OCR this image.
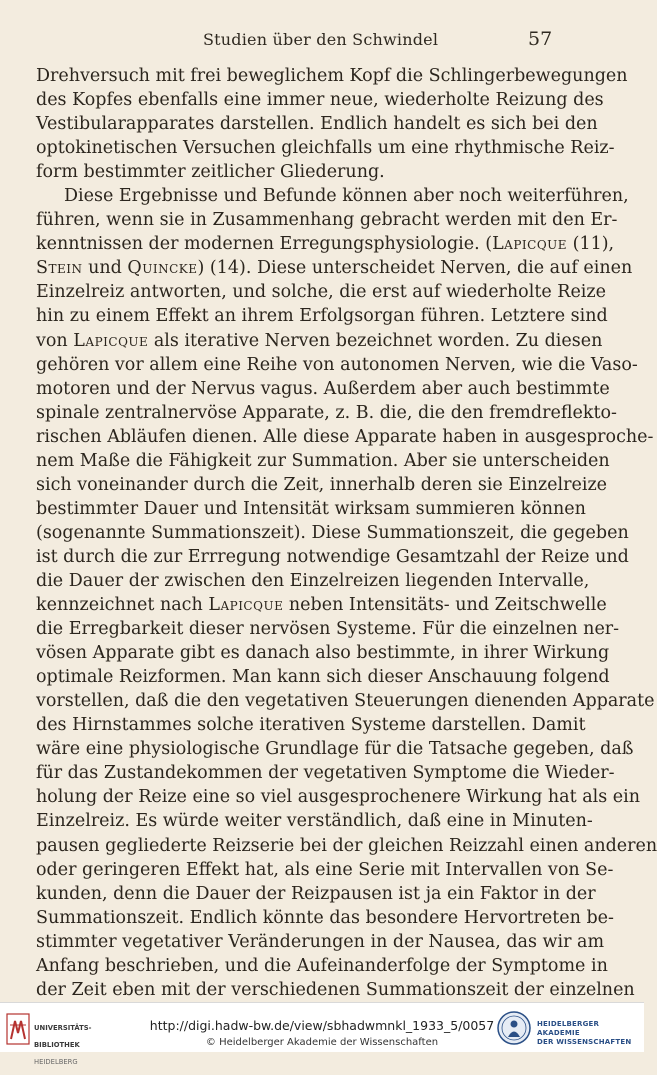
Studien über den Schwindel	57
Drehversuch mit frei beweglichem Kopf die Schlingerbewegungen
des Kopfes ebenfalls eine immer neue, wiederholte Reizung des
Vestibularapparates darstellen. Endlich handelt es sich bei den
optokinetischen Versuchen gleichfalls um eine rhythmische Reiz-
form bestimmter zeitlicher Gliederung.
Diese Ergebnisse und Befunde können aber noch weiterführen,
führen, wenn sie in Zusammenhang gebracht werden mit den Er-
kenntnissen der modernen Erregungsphysiologie. (Lapicque (11),
Stein und Quincke) (14). Diese unterscheidet Nerven, die auf einen
Einzelreiz antworten, und solche, die erst auf wiederholte Reize
hin zu einem Effekt an ihrem Erfolgsorgan führen. Letztere sind
von Lapicque als iterative Nerven bezeichnet worden. Zu diesen
gehören vor allem eine Reihe von autonomen Nerven, wie die Vaso-
motoren und der Nervus vagus. Außerdem aber auch bestimmte
spinale zentralnervöse Apparate, z. B. die, die den fremdreflekto-
rischen Abläufen dienen. Alle diese Apparate haben in ausgesproche-
nem Maße die Fähigkeit zur Summation. Aber sie unterscheiden
sich voneinander durch die Zeit, innerhalb deren sie Einzelreize
bestimmter Dauer und Intensität wirksam summieren können
(sogenannte Summationszeit). Diese Summationszeit, die gegeben
ist durch die zur Errregung notwendige Gesamtzahl der Reize und
die Dauer der zwischen den Einzelreizen liegenden Intervalle,
kennzeichnet nach Lapicque neben Intensitäts- und Zeitschwelle
die Erregbarkeit dieser nervösen Systeme. Für die einzelnen ner-
vösen Apparate gibt es danach also bestimmte, in ihrer Wirkung
optimale Reizformen. Man kann sich dieser Anschauung folgend
vorstellen, daß die den vegetativen Steuerungen dienenden Apparate
des Hirnstammes solche iterativen Systeme darstellen. Damit
wäre eine physiologische Grundlage für die Tatsache gegeben, daß
für das Zustandekommen der vegetativen Symptome die Wieder-
holung der Reize eine so viel ausgesprochenere Wirkung hat als ein
Einzelreiz. Es würde weiter verständlich, daß eine in Minuten-
pausen gegliederte Reizserie bei der gleichen Reizzahl einen anderen
oder geringeren Effekt hat, als eine Serie mit Intervallen von Se-
kunden, denn die Dauer der Reizpausen ist ja ein Faktor in der
Summationszeit. Endlich könnte das besondere Hervortreten be-
stimmter vegetativer Veränderungen in der Nausea, das wir am
Anfang beschrieben, und die Aufeinanderfolge der Symptome in
der Zeit eben mit der verschiedenen Summationszeit der einzelnen

UNIVERSITÄTS-

BIBLIOTHEK

HEIDELBERG

http://digi.hadw-bw.de/view/sbhadwmnkl_1933_5/0057
© Heidelberger Akademie der Wissenschaften
HEIDELBERGER AKADEMIE
DER WISSENSCHAFTEN
